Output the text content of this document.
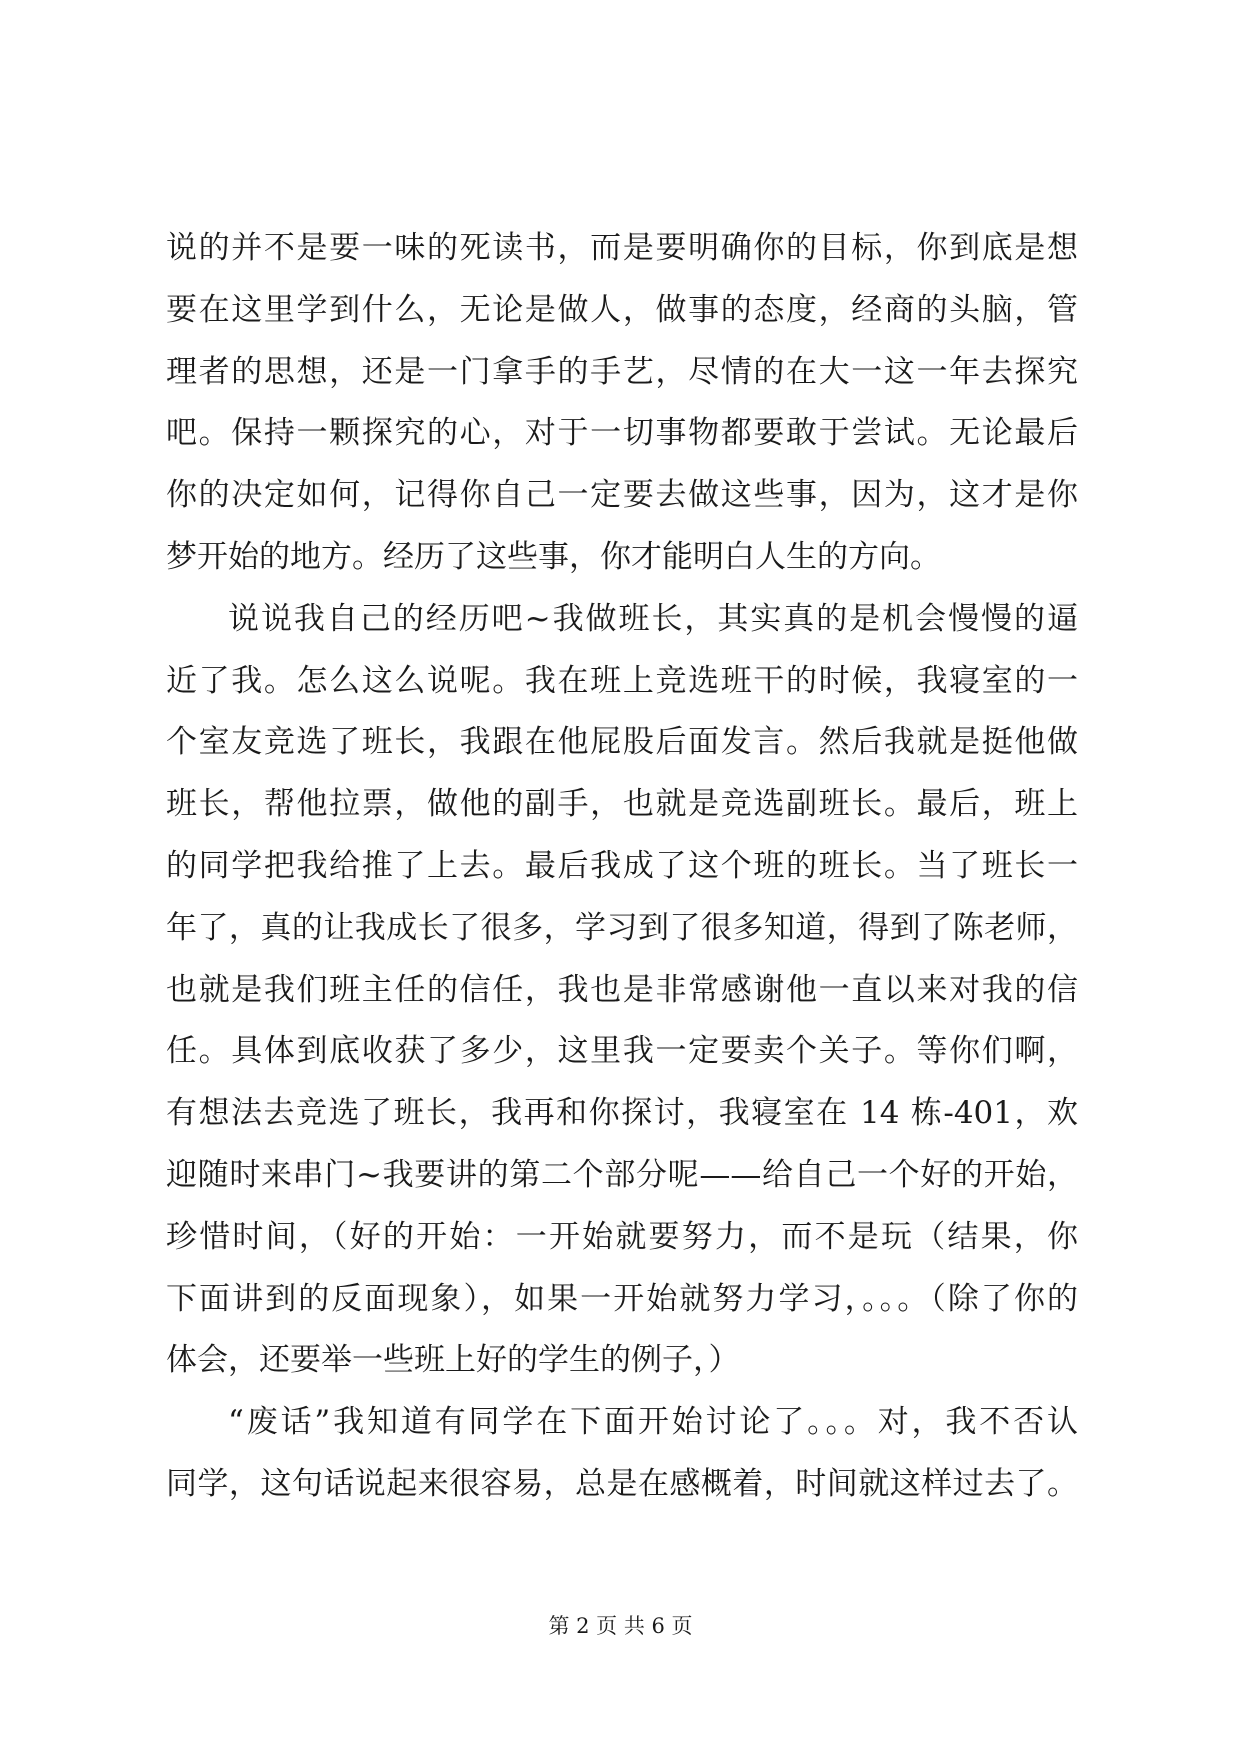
说的并不是要一味的死读书，而是要明确你的目标，你到底是想
要在这里学到什么，无论是做人，做事的态度，经商的头脑，管
理者的思想，还是一门拿手的手艺，尽情的在大一这一年去探究
吧。保持一颗探究的心，对于一切事物都要敢于尝试。无论最后
你的决定如何，记得你自己一定要去做这些事，因为，这才是你
梦开始的地方。经历了这些事，你才能明白人生的方向。
说说我自己的经历吧~我做班长，其实真的是机会慢慢的逼
近了我。怎么这么说呢。我在班上竞选班干的时候，我寝室的一
个室友竞选了班长，我跟在他屁股后面发言。然后我就是挺他做
班长，帮他拉票，做他的副手，也就是竞选副班长。最后，班上
的同学把我给推了上去。最后我成了这个班的班长。当了班长一
年了，真的让我成长了很多，学习到了很多知道，得到了陈老师，
也就是我们班主任的信任，我也是非常感谢他一直以来对我的信
任。具体到底收获了多少，这里我一定要卖个关子。等你们啊，
有想法去竞选了班长，我再和你探讨，我寝室在 14 栋-401，欢
迎随时来串门~我要讲的第二个部分呢——给自己一个好的开始，
珍惜时间，（好的开始：一开始就要努力，而不是玩（结果，你
下面讲到的反面现象），如果一开始就努力学习，。。。（除了你的
体会，还要举一些班上好的学生的例子，）
“废话”我知道有同学在下面开始讨论了。。。对，我不否认
同学，这句话说起来很容易，总是在感概着，时间就这样过去了。
第 2 页 共 6 页
